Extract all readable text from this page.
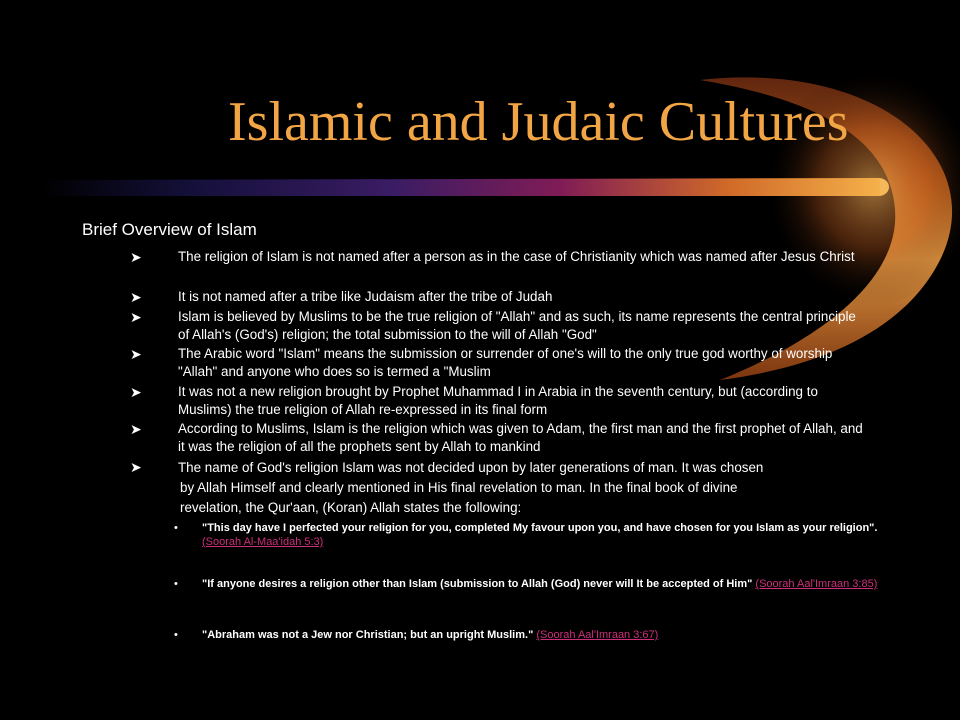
Islamic and Judaic Cultures
Brief Overview of Islam
➤	The religion of Islam is not named after a person as in the case of Christianity which was named after Jesus Christ
➤	It is not named after a tribe like Judaism after the tribe of Judah
➤	Islam is believed by Muslims to be the true religion of "Allah" and as such, its name represents the central principle of Allah's (God's) religion; the total submission to the will of Allah "God"
➤	The Arabic word "Islam" means the submission or surrender of one's will to the only true god worthy of worship "Allah" and anyone who does so is termed a "Muslim
➤	It was not a new religion brought by Prophet Muhammad I in Arabia in the seventh century, but (according to Muslims) the true religion of Allah re-expressed in its final form
➤	According to Muslims, Islam is the religion which was given to Adam, the first man and the first prophet of Allah, and it was the religion of all the prophets sent by Allah to mankind
➤	The name of God's religion Islam was not decided upon by later generations of man. It was chosen
by Allah Himself and clearly mentioned in His final revelation to man. In the final book of divine
revelation, the Qur'aan, (Koran) Allah states the following:
• "This day have I perfected your religion for you, completed My favour upon you, and have chosen for you Islam as your religion". (Soorah Al-Maa'idah 5:3)
• "If anyone desires a religion other than Islam (submission to Allah (God) never will It be accepted of Him" (Soorah Aal'Imraan 3:85)
• "Abraham was not a Jew nor Christian; but an upright Muslim." (Soorah Aal'Imraan 3:67)
